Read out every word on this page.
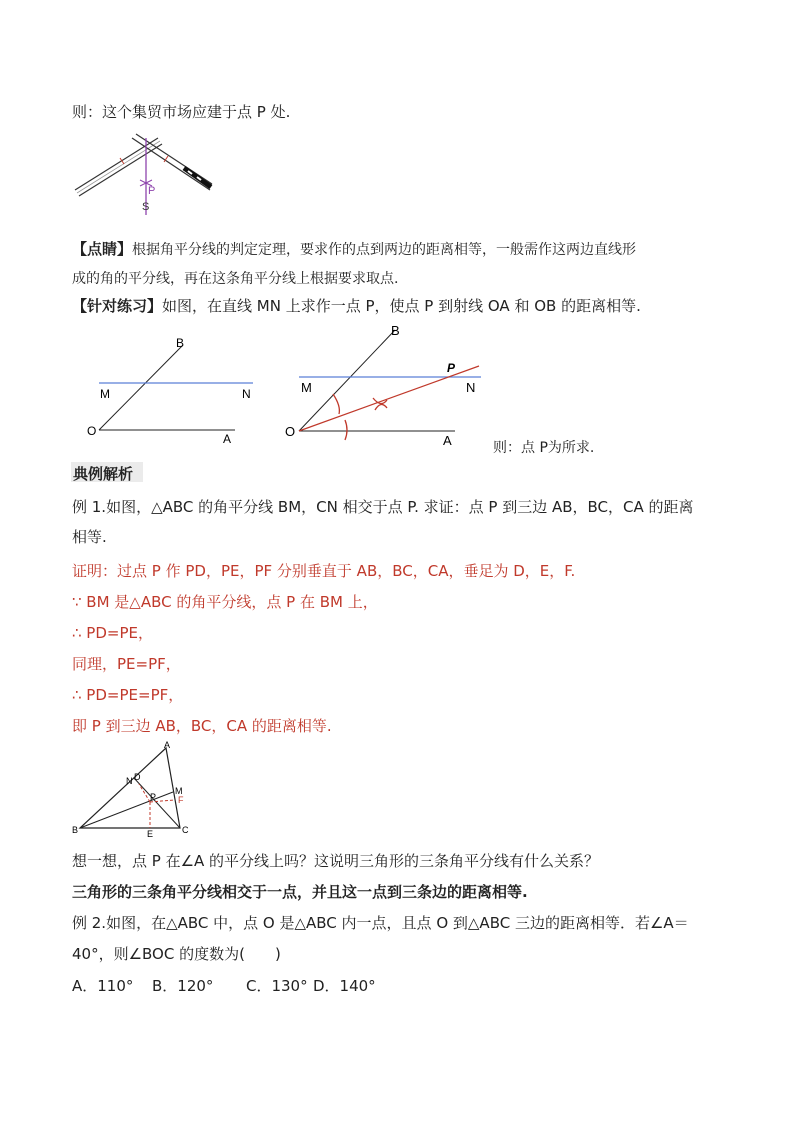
则：这个集贸市场应建于点 P 处.
P
S
【点睛】根据角平分线的判定定理，要求作的点到两边的距离相等，一般需作这两边直线形
成的角的平分线，再在这条角平分线上根据要求取点.
【针对练习】如图，在直线 MN 上求作一点 P，使点 P 到射线 OA 和 OB 的距离相等.
B
M	N
O
A
B
M
P
N
O
A	则：点 P为所求.
典例解析
例 1.如图，△ABC 的角平分线 BM，CN 相交于点 P. 求证：点 P 到三边 AB，BC，CA 的距离
相等.
证明：过点 P 作 PD，PE，PF 分别垂直于 AB，BC，CA，垂足为 D，E，F.
∵ BM 是△ABC 的角平分线，点 P 在 BM 上，
∴ PD=PE，
同理，PE=PF，
∴ PD=PE=PF，
即 P 到三边 AB，BC，CA 的距离相等.
A
N D
M
P F
B	E	C
想一想，点 P 在∠A 的平分线上吗？这说明三角形的三条角平分线有什么关系？
三角形的三条角平分线相交于一点，并且这一点到三条边的距离相等.
例 2.如图，在△ABC 中，点 O 是△ABC 内一点，且点 O 到△ABC 三边的距离相等．若∠A＝
40°，则∠BOC 的度数为(　　)
A．110° B．120° C．130° D．140°
